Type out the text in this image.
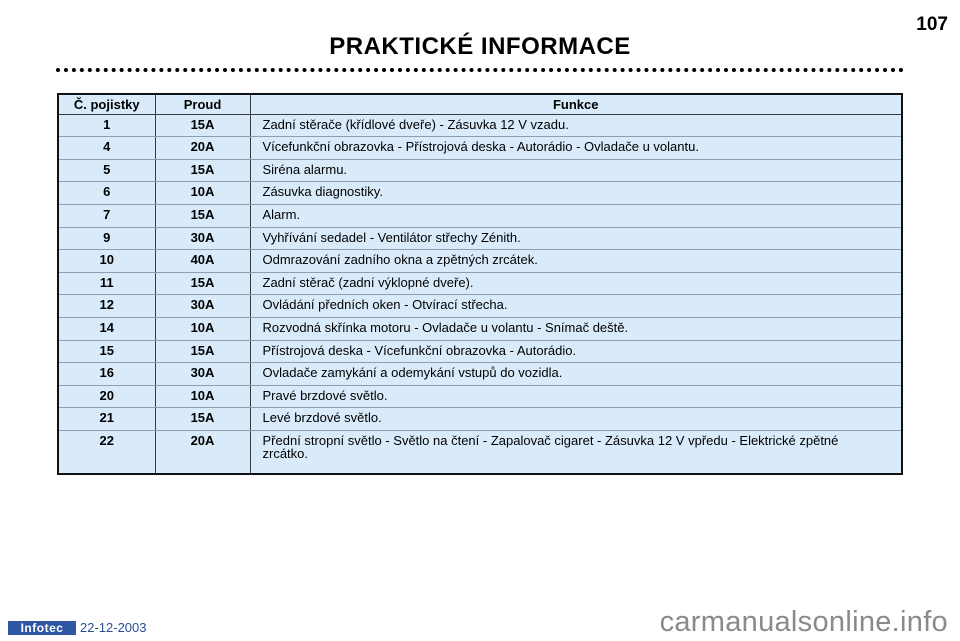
107
PRAKTICKÉ INFORMACE
Č. pojistky	Proud	Funkce
1	15A	Zadní stěrače (křídlové dveře) - Zásuvka 12 V vzadu.
4	20A	Vícefunkční obrazovka - Přístrojová deska - Autorádio - Ovladače u volantu.
5	15A	Siréna alarmu.
6	10A	Zásuvka diagnostiky.
7	15A	Alarm.
9	30A	Vyhřívání sedadel - Ventilátor střechy Zénith.
10	40A	Odmrazování zadního okna a zpětných zrcátek.
11	15A	Zadní stěrač (zadní výklopné dveře).
12	30A	Ovládání předních oken - Otvírací střecha.
14	10A	Rozvodná skřínka motoru - Ovladače u volantu - Snímač deště.
15	15A	Přístrojová deska - Vícefunkční obrazovka - Autorádio.
16	30A	Ovladače zamykání a odemykání vstupů do vozidla.
20	10A	Pravé brzdové světlo.
21	15A	Levé brzdové světlo.
22	20A	Přední stropní světlo - Světlo na čtení - Zapalovač cigaret - Zásuvka 12 V vpředu - Elektrické zpětné zrcátko.
Infotec	22-12-2003	carmanualsonline.info
